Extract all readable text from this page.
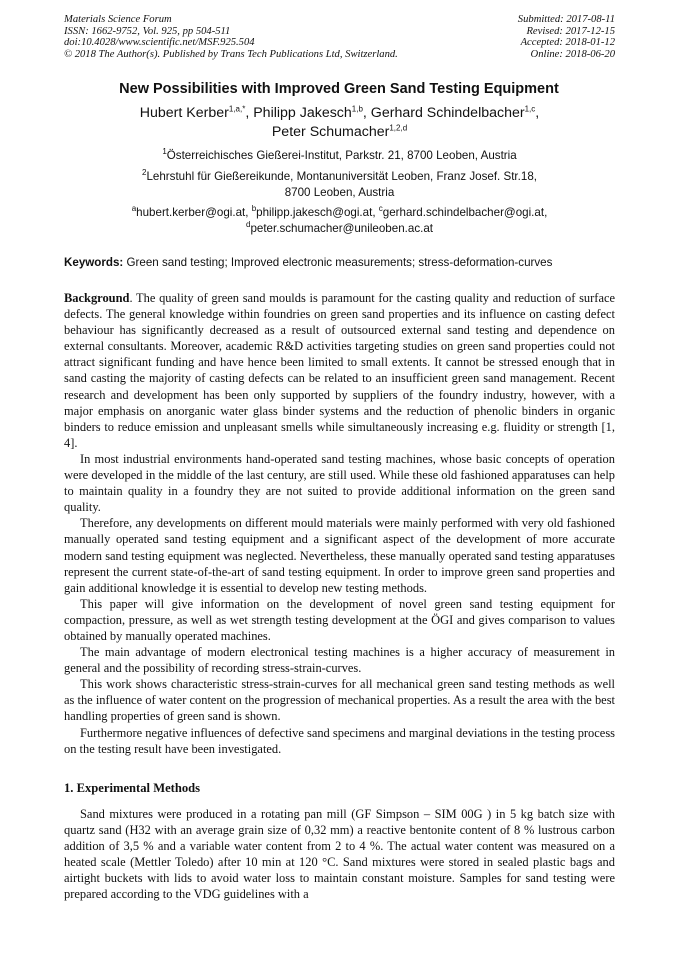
Materials Science Forum
ISSN: 1662-9752, Vol. 925, pp 504-511
doi:10.4028/www.scientific.net/MSF.925.504
© 2018 The Author(s). Published by Trans Tech Publications Ltd, Switzerland.
Submitted: 2017-08-11
Revised: 2017-12-15
Accepted: 2018-01-12
Online: 2018-06-20
New Possibilities with Improved Green Sand Testing Equipment
Hubert Kerber$^{1,a,*}$, Philipp Jakesch$^{1,b}$, Gerhard Schindelbacher$^{1,c}$,
Peter Schumacher$^{1,2,d}$
$^1$Österreichisches Gießerei-Institut, Parkstr. 21, 8700 Leoben, Austria
$^2$Lehrstuhl für Gießereikunde, Montanuniversität Leoben, Franz Josef. Str.18,
8700 Leoben, Austria
$^a$hubert.kerber@ogi.at, $^b$philipp.jakesch@ogi.at, $^c$gerhard.schindelbacher@ogi.at,
$^d$peter.schumacher@unileoben.ac.at
Keywords: Green sand testing; Improved electronic measurements; stress-deformation-curves

Background. The quality of green sand moulds is paramount for the casting quality and reduction of surface defects. The general knowledge within foundries on green sand properties and its influence on casting defect behaviour has significantly decreased as a result of outsourced external sand testing and dependence on external consultants. Moreover, academic R&D activities targeting studies on green sand properties could not attract significant funding and have hence been limited to small extents. It cannot be stressed enough that in sand casting the majority of casting defects can be related to an insufficient green sand management. Recent research and development has been only supported by suppliers of the foundry industry, however, with a major emphasis on anorganic water glass binder systems and the reduction of phenolic binders in organic binders to reduce emission and unpleasant smells while simultaneously increasing e.g. fluidity or strength [1, 4].

In most industrial environments hand-operated sand testing machines, whose basic concepts of operation were developed in the middle of the last century, are still used. While these old fashioned apparatuses can help to maintain quality in a foundry they are not suited to provide additional information on the green sand quality.

Therefore, any developments on different mould materials were mainly performed with very old fashioned manually operated sand testing equipment and a significant aspect of the development of more accurate modern sand testing equipment was neglected. Nevertheless, these manually operated sand testing apparatuses represent the current state-of-the-art of sand testing equipment. In order to improve green sand properties and gain additional knowledge it is essential to develop new testing methods.

This paper will give information on the development of novel green sand testing equipment for compaction, pressure, as well as wet strength testing development at the ÖGI and gives comparison to values obtained by manually operated machines.

The main advantage of modern electronical testing machines is a higher accuracy of measurement in general and the possibility of recording stress-strain-curves.

This work shows characteristic stress-strain-curves for all mechanical green sand testing methods as well as the influence of water content on the progression of mechanical properties. As a result the area with the best handling properties of green sand is shown.

Furthermore negative influences of defective sand specimens and marginal deviations in the testing process on the testing result have been investigated.

1. Experimental Methods

Sand mixtures were produced in a rotating pan mill (GF Simpson – SIM 00G ) in 5 kg batch size with quartz sand (H32 with an average grain size of 0,32 mm) a reactive bentonite content of 8 % lustrous carbon addition of 3,5 % and a variable water content from 2 to 4 %. The actual water content was measured on a heated scale (Mettler Toledo) after 10 min at 120 °C. Sand mixtures were stored in sealed plastic bags and airtight buckets with lids to avoid water loss to maintain constant moisture. Samples for sand testing were prepared according to the VDG guidelines with a
